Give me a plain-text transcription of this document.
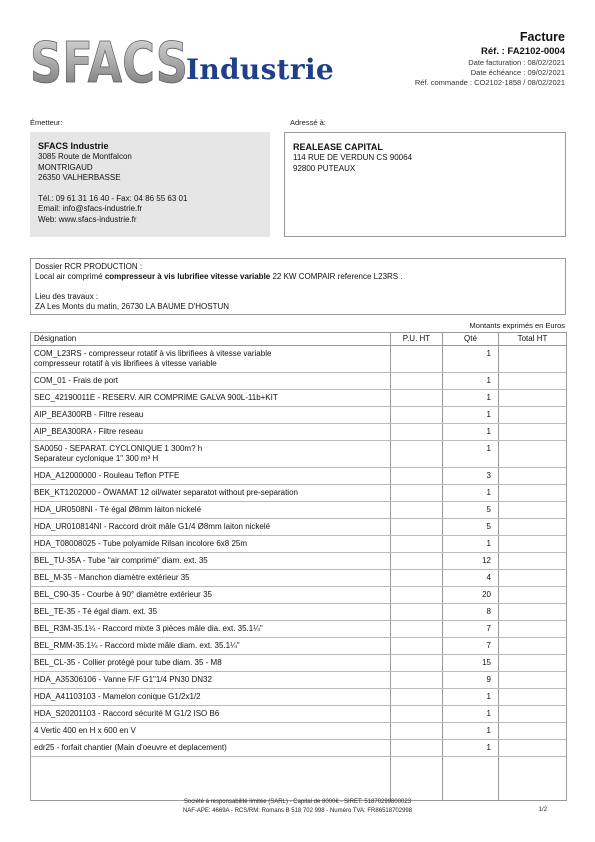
SFACS
Industrie
Facture
Réf. : FA2102-0004
Date facturation : 08/02/2021
Date échéance : 09/02/2021
Réf. commande : CO2102-1858 / 08/02/2021
Émetteur:	Adressé à:
SFACS Industrie
3085 Route de Montfalcon
MONTRIGAUD
26350 VALHERBASSE
Tél.: 09 61 31 16 40 - Fax: 04 86 55 63 01
Email: info@sfacs-industrie.fr
Web: www.sfacs-industrie.fr
REALEASE CAPITAL
114 RUE DE VERDUN CS 90064
92800 PUTEAUX
Dossier RCR PRODUCTION :
Local air comprimé compresseur à vis lubrifiee vitesse variable 22 KW COMPAIR reference L23RS .
Lieu des travaux :
ZA Les Monts du matin, 26730 LA BAUME D'HOSTUN
Montants exprimés en Euros
Désignation	P.U. HT	Qté	Total HT

COM_L23RS - compresseur rotatif à vis librifiees à vitesse variable
compresseur rotatif à vis librifiees à vitesse variable		1	

COM_01 - Frais de port		1	

SEC_42190011E - RESERV. AIR COMPRIME GALVA 900L-11b+KIT		1	

AIP_BEA300RB - Filtre reseau		1	

AIP_BEA300RA - Filtre reseau		1	

SA0050 - SEPARAT. CYCLONIQUE 1 300m? h
Separateur cyclonique 1" 300 m³ H		1	

HDA_A12000000 - Rouleau Teflon PTFE		3	

BEK_KT1202000 - ÖWAMAT 12 oil/water separatot without pre-separation		1	

HDA_UR0508NI - Té égal Ø8mm laiton nickelé		5	

HDA_UR010814NI - Raccord droit mâle G1/4 Ø8mm laiton nickelé		5	

HDA_T08008025 - Tube polyamide Rilsan incolore 6x8 25m		1	

BEL_TU-35A - Tube "air comprimé" diam. ext. 35		12	

BEL_M-35 - Manchon diamètre extérieur 35		4	

BEL_C90-35 - Courbe à 90° diamètre extérieur 35		20	

BEL_TE-35 - Té égal diam. ext. 35		8	

BEL_R3M-35.1¼ - Raccord mixte 3 pièces mâle dia. ext. 35.1¼"		7	

BEL_RMM-35.1¼ - Raccord mixte mâle diam. ext. 35.1¼"		7	

BEL_CL-35 - Collier protégé pour tube diam. 35 - M8		15	

HDA_A35306106 - Vanne F/F G1"1/4 PN30 DN32		9	

HDA_A41103103 - Mamelon conique G1/2x1/2		1	

HDA_S20201103 - Raccord sécurité M G1/2 ISO B6		1	

4 Vertic 400 en H x 600 en V		1	

edr25 - forfait chantier (Main d'oeuvre et deplacement)		1	

Société à responsabilité limitée (SARL) - Capital de 8000€ - SIRET: 51870299800023
NAF-APE: 4669A - RCS/RM: Romans B 518 702 998 - Numéro TVA: FR86518702998	1/2
